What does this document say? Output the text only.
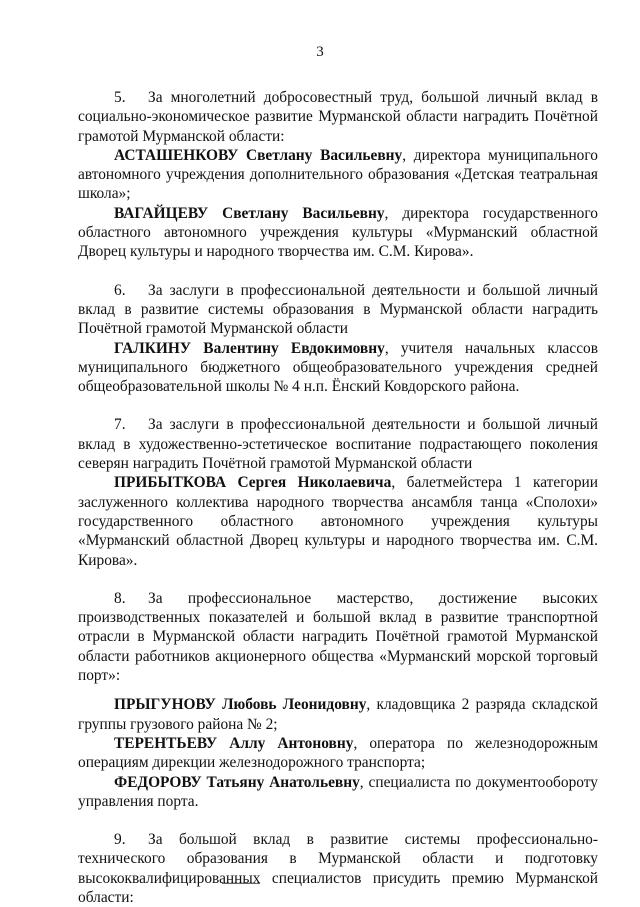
3

5. За многолетний добросовестный труд, большой личный вклад в социально-экономическое развитие Мурманской области наградить Почётной грамотой Мурманской области:

АСТАШЕНКОВУ Светлану Васильевну, директора муниципального автономного учреждения дополнительного образования «Детская театральная школа»;

ВАГАЙЦЕВУ Светлану Васильевну, директора государственного областного автономного учреждения культуры «Мурманский областной Дворец культуры и народного творчества им. С.М. Кирова».

6. За заслуги в профессиональной деятельности и большой личный вклад в развитие системы образования в Мурманской области наградить Почётной грамотой Мурманской области

ГАЛКИНУ Валентину Евдокимовну, учителя начальных классов муниципального бюджетного общеобразовательного учреждения средней общеобразовательной школы № 4 н.п. Ёнский Ковдорского района.

7. За заслуги в профессиональной деятельности и большой личный вклад в художественно-эстетическое воспитание подрастающего поколения северян наградить Почётной грамотой Мурманской области

ПРИБЫТКОВА Сергея Николаевича, балетмейстера 1 категории заслуженного коллектива народного творчества ансамбля танца «Сполохи» государственного областного автономного учреждения культуры «Мурманский областной Дворец культуры и народного творчества им. С.М. Кирова».

8. За профессиональное мастерство, достижение высоких производственных показателей и большой вклад в развитие транспортной отрасли в Мурманской области наградить Почётной грамотой Мурманской области работников акционерного общества «Мурманский морской торговый порт»:

ПРЫГУНОВУ Любовь Леонидовну, кладовщика 2 разряда складской группы грузового района № 2;

ТЕРЕНТЬЕВУ Аллу Антоновну, оператора по железнодорожным операциям дирекции железнодорожного транспорта;

ФЕДОРОВУ Татьяну Анатольевну, специалиста по документообороту управления порта.

9. За большой вклад в развитие системы профессионально-технического образования в Мурманской области и подготовку высококвалифицированных специалистов присудить премию Мурманской области:
